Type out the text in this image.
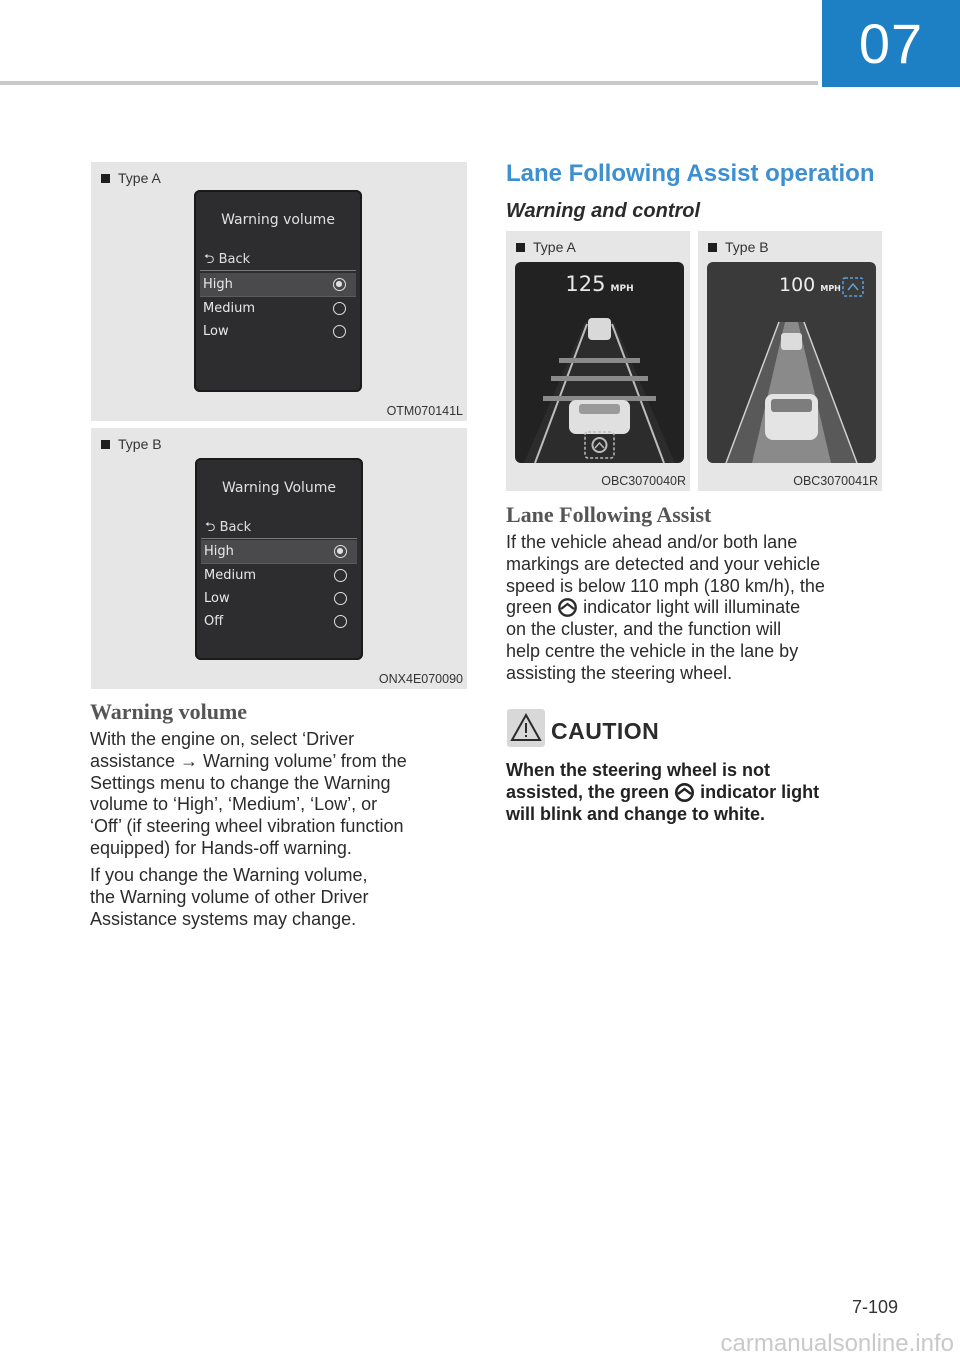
07
Type A
Warning volume
⮌ Back
High
Medium
Low
OTM070141L
Type B
Warning Volume
⮌ Back
High
Medium
Low
Off
ONX4E070090
Warning volume
With the engine on, select ‘Driver
assistance → Warning volume’ from the
Settings menu to change the Warning
volume to ‘High’, ‘Medium’, ‘Low’, or
‘Off’ (if steering wheel vibration function
equipped) for Hands-off warning.
If you change the Warning volume,
the Warning volume of other Driver
Assistance systems may change.
Lane Following Assist operation
Warning and control
Type A
125 MPH
OBC3070040R
Type B
100 MPH
OBC3070041R
Lane Following Assist
If the vehicle ahead and/or both lane
markings are detected and your vehicle
speed is below 110 mph (180 km/h), the
green indicator light will illuminate
on the cluster, and the function will
help centre the vehicle in the lane by
assisting the steering wheel.
CAUTION
When the steering wheel is not
assisted, the green indicator light
will blink and change to white.
7-109
carmanualsonline.info
